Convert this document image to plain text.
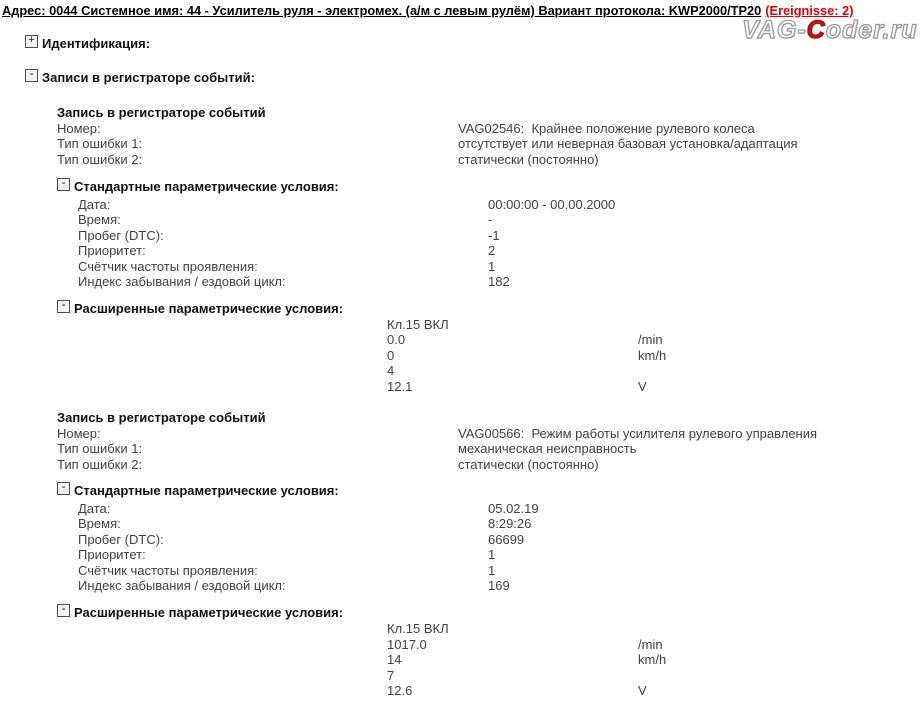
Адрес: 0044 Системное имя: 44 - Усилитель руля - электромех. (а/м с левым рулём) Вариант протокола: KWP2000/TP20 (Ereignisse: 2)
VAG-Coder.ru
+ Идентификация:
- Записи в регистраторе событий:
Запись в регистраторе событий
Номер:	VAG02546:  Крайнее положение рулевого колеса
Тип ошибки 1:	отсутствует или неверная базовая установка/адаптация
Тип ошибки 2:	статически (постоянно)
- Стандартные параметрические условия:
Дата:	00:00:00 - 00.00.2000
Время:	-
Пробег (DTC):	-1
Приоритет:	2
Счётчик частоты проявления:	1
Индекс забывания / ездовой цикл:	182
- Расширенные параметрические условия:
Кл.15 ВКЛ
0.0	/min
0	km/h
4
12.1	V
Запись в регистраторе событий
Номер:	VAG00566:  Режим работы усилителя рулевого управления
Тип ошибки 1:	механическая неисправность
Тип ошибки 2:	статически (постоянно)
- Стандартные параметрические условия:
Дата:	05.02.19
Время:	8:29:26
Пробег (DTC):	66699
Приоритет:	1
Счётчик частоты проявления:	1
Индекс забывания / ездовой цикл:	169
- Расширенные параметрические условия:
Кл.15 ВКЛ
1017.0	/min
14	km/h
7
12.6	V
